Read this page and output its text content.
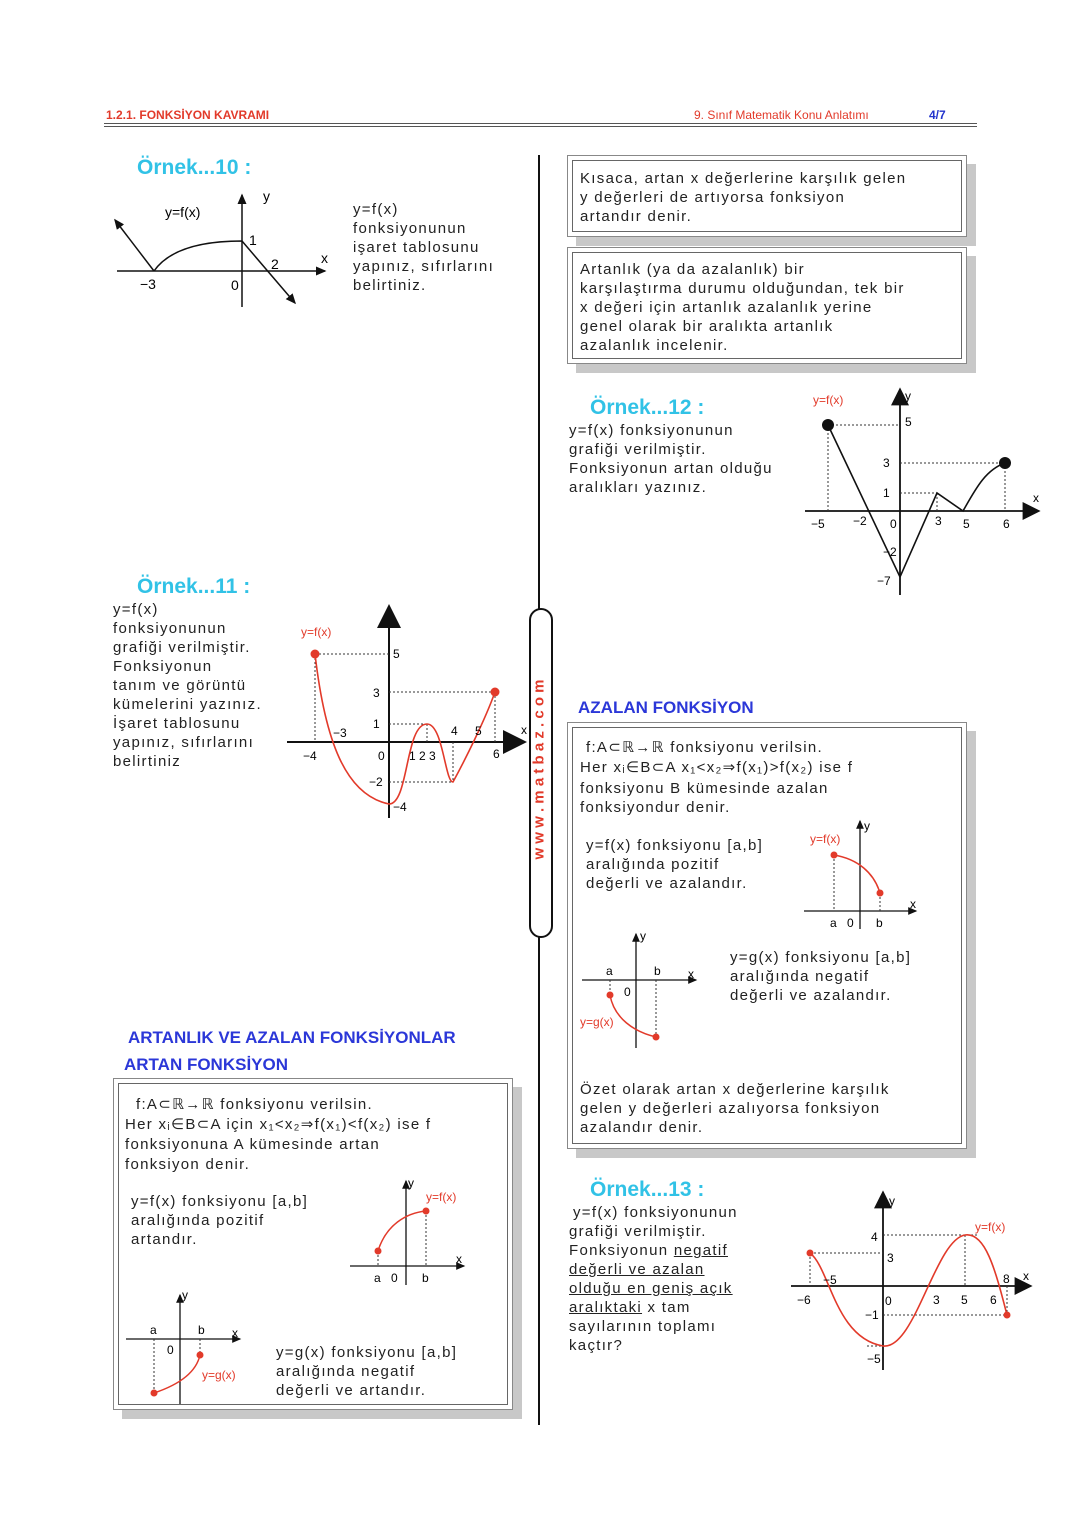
1.2.1. FONKSİYON KAVRAMI	9. Sınıf Matematik Konu Anlatımı	4/7
w w w . m a t b a z . c o m
Örnek...10 :
y=f(x)
y
x
1
2
−3	0
y=f(x)
fonksiyonunun
işaret tablosunu
yapınız, sıfırlarını
belirtiniz.
Örnek...11 :
y=f(x)
fonksiyonunun
grafiği verilmiştir.
Fonksiyonun
tanım ve görüntü
kümelerini yazınız.
İşaret tablosunu
yapınız, sıfırlarını
belirtiniz
y=f(x)
x
5
3
1
−3
−4	0 1 2 3
4 5
6
−2
−4
ARTANLIK VE AZALAN FONKSİYONLAR
ARTAN FONKSİYON
f:A⊂ℝ→ℝ fonksiyonu verilsin.
Her xᵢ∈B⊂A için x₁<x₂⇒f(x₁)<f(x₂) ise f
fonksiyonuna A kümesinde artan
fonksiyon denir.
y=f(x) fonksiyonu [a,b]
aralığında pozitif
artandır.
y=f(x)
y
x
a 0 b
y
x
a
0
b
y=g(x)
y=g(x) fonksiyonu [a,b]
aralığında negatif
değerli ve artandır.
Kısaca, artan x değerlerine karşılık gelen
y değerleri de artıyorsa fonksiyon
artandır denir.
Artanlık (ya da azalanlık) bir
karşılaştırma durumu olduğundan, tek bir
x değeri için artanlık azalanlık yerine
genel olarak bir aralıkta artanlık
azalanlık incelenir.
Örnek...12 :
y=f(x) fonksiyonunun
grafiği verilmiştir.
Fonksiyonun artan olduğu
aralıkları yazınız.
y=f(x)	y
x
5
3
1
−5 −2 0	3 5	6
−2
−7
AZALAN FONKSİYON
f:A⊂ℝ→ℝ fonksiyonu verilsin.
Her xᵢ∈B⊂A x₁<x₂⇒f(x₁)>f(x₂) ise f
fonksiyonu B kümesinde azalan
fonksiyondur denir.
y=f(x) fonksiyonu [a,b]
aralığında pozitif
değerli ve azalandır.
y=f(x)
y
x
a 0 b
y
x
a
0
b
y=g(x)
y=g(x) fonksiyonu [a,b]
aralığında negatif
değerli ve azalandır.
Özet olarak artan x değerlerine karşılık
gelen y değerleri azalıyorsa fonksiyon
azalandır denir.
Örnek...13 :
y=f(x) fonksiyonunun
grafiği verilmiştir.
Fonksiyonun negatif
değerli ve azalan
olduğu en geniş açık
aralıktaki x tam
sayılarının toplamı
kaçtır?
y=f(x)
y
x
4
3
−5
−6	0
−1
3 5 6
8
−5
